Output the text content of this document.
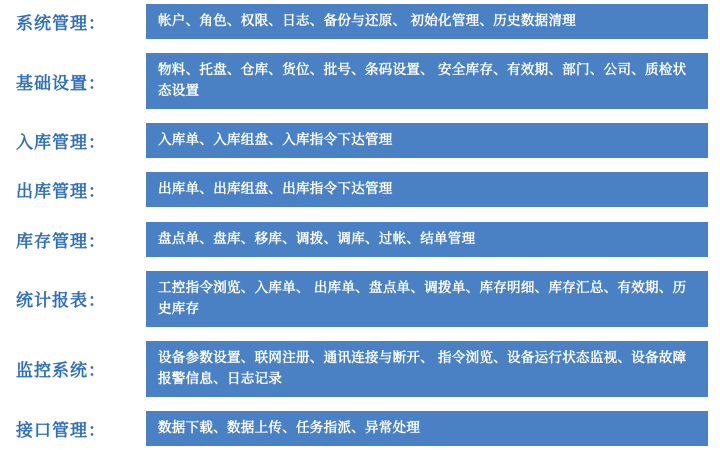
系统管理：	帐户、角色、权限、日志、备份与还原、 初始化管理、历史数据清理
基础设置：
物料、托盘、仓库、货位、批号、条码设置、 安全库存、有效期、部门、公司、质检状态设置
入库管理：	入库单、入库组盘、入库指令下达管理
出库管理：	出库单、出库组盘、出库指令下达管理
库存管理：	盘点单、盘库、移库、调拨、调库、过帐、结单管理
统计报表：
工控指令浏览、入库单、 出库单、盘点单、调拨单、库存明细、库存汇总、有效期、历史库存
监控系统：
设备参数设置、联网注册、通讯连接与断开、 指令浏览、设备运行状态监视、设备故障报警信息、日志记录
接口管理：	数据下载、数据上传、任务指派、异常处理
